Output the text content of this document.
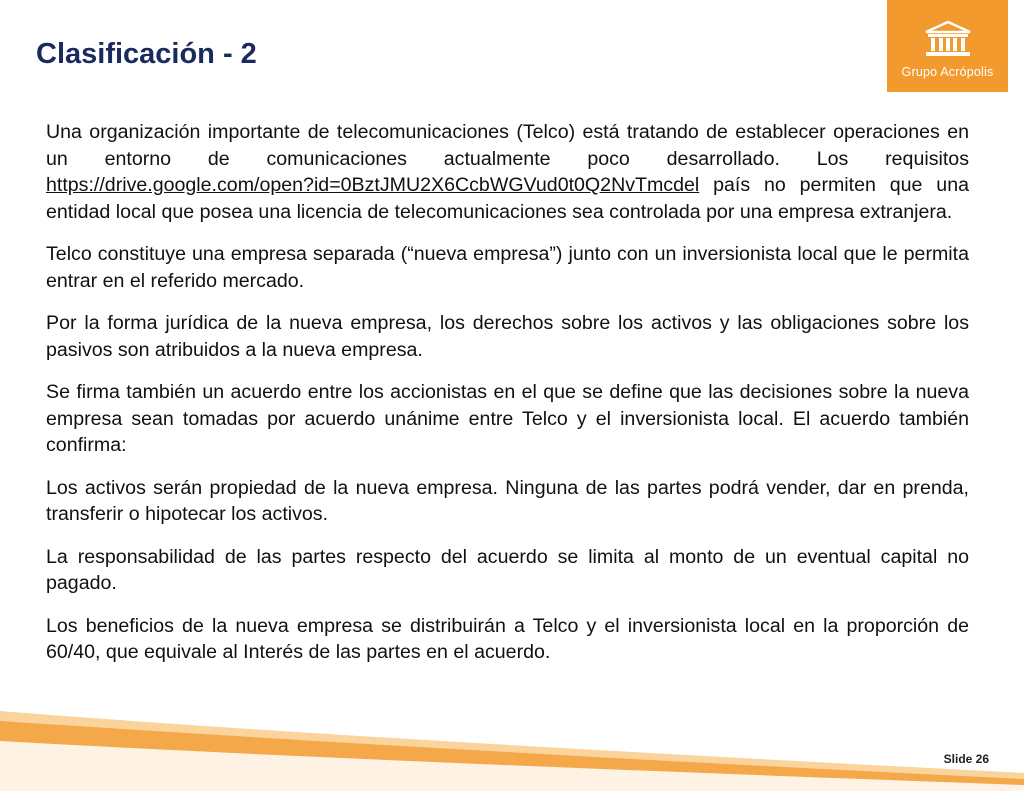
Clasificación - 2
Grupo Acrópolis

Una organización importante de telecomunicaciones (Telco) está tratando de establecer operaciones en un entorno de comunicaciones actualmente poco desarrollado. Los requisitos https://drive.google.com/open?id=0BztJMU2X6CcbWGVud0t0Q2NvTmcdel país no permiten que una entidad local que posea una licencia de telecomunicaciones sea controlada por una empresa extranjera.

Telco constituye una empresa separada (“nueva empresa”) junto con un inversionista local que le permita entrar en el referido mercado.

Por la forma jurídica de la nueva empresa, los derechos sobre los activos y las obligaciones sobre los pasivos son atribuidos a la nueva empresa.

Se firma también un acuerdo entre los accionistas en el que se define que las decisiones sobre la nueva empresa sean tomadas por acuerdo unánime entre Telco y el inversionista local. El acuerdo también confirma:

Los activos serán propiedad de la nueva empresa. Ninguna de las partes podrá vender, dar en prenda, transferir o hipotecar los activos.

La responsabilidad de las partes respecto del acuerdo se limita al monto de un eventual capital no pagado.

Los beneficios de la nueva empresa se distribuirán a Telco y el inversionista local en la proporción de 60/40, que equivale al Interés de las partes en el acuerdo.

Slide 26
